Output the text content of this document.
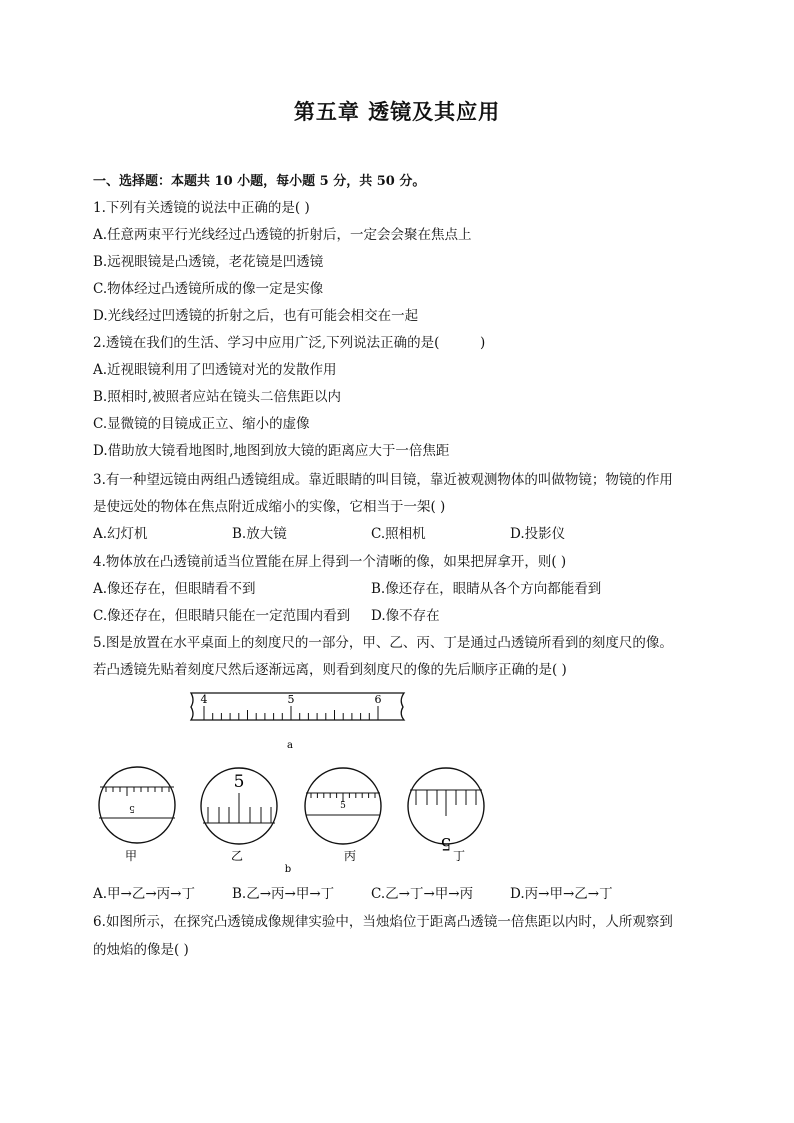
第五章 透镜及其应用
一、选择题：本题共 10 小题，每小题 5 分，共 50 分。
1.下列有关透镜的说法中正确的是( )
A.任意两束平行光线经过凸透镜的折射后，一定会会聚在焦点上
B.远视眼镜是凸透镜，老花镜是凹透镜
C.物体经过凸透镜所成的像一定是实像
D.光线经过凹透镜的折射之后，也有可能会相交在一起
2.透镜在我们的生活、学习中应用广泛,下列说法正确的是(　　　)
A.近视眼镜利用了凹透镜对光的发散作用
B.照相时,被照者应站在镜头二倍焦距以内
C.显微镜的目镜成正立、缩小的虚像
D.借助放大镜看地图时,地图到放大镜的距离应大于一倍焦距
3.有一种望远镜由两组凸透镜组成。靠近眼睛的叫目镜，靠近被观测物体的叫做物镜；物镜的作用
是使远处的物体在焦点附近成缩小的实像，它相当于一架( )
A.幻灯机	B.放大镜	C.照相机	D.投影仪
4.物体放在凸透镜前适当位置能在屏上得到一个清晰的像，如果把屏拿开，则( )
A.像还存在，但眼睛看不到	B.像还存在，眼睛从各个方向都能看到
C.像还存在，但眼睛只能在一定范围内看到 D.像不存在
5.图是放置在水平桌面上的刻度尺的一部分，甲、乙、丙、丁是通过凸透镜所看到的刻度尺的像。
若凸透镜先贴着刻度尺然后逐渐远离，则看到刻度尺的像的先后顺序正确的是( )
4	5	6
a
5
甲
5
乙
5
丙
5
丁
b
A.甲→乙→丙→丁	B.乙→丙→甲→丁	C.乙→丁→甲→丙	D.丙→甲→乙→丁
6.如图所示，在探究凸透镜成像规律实验中，当烛焰位于距离凸透镜一倍焦距以内时，人所观察到
的烛焰的像是( )
